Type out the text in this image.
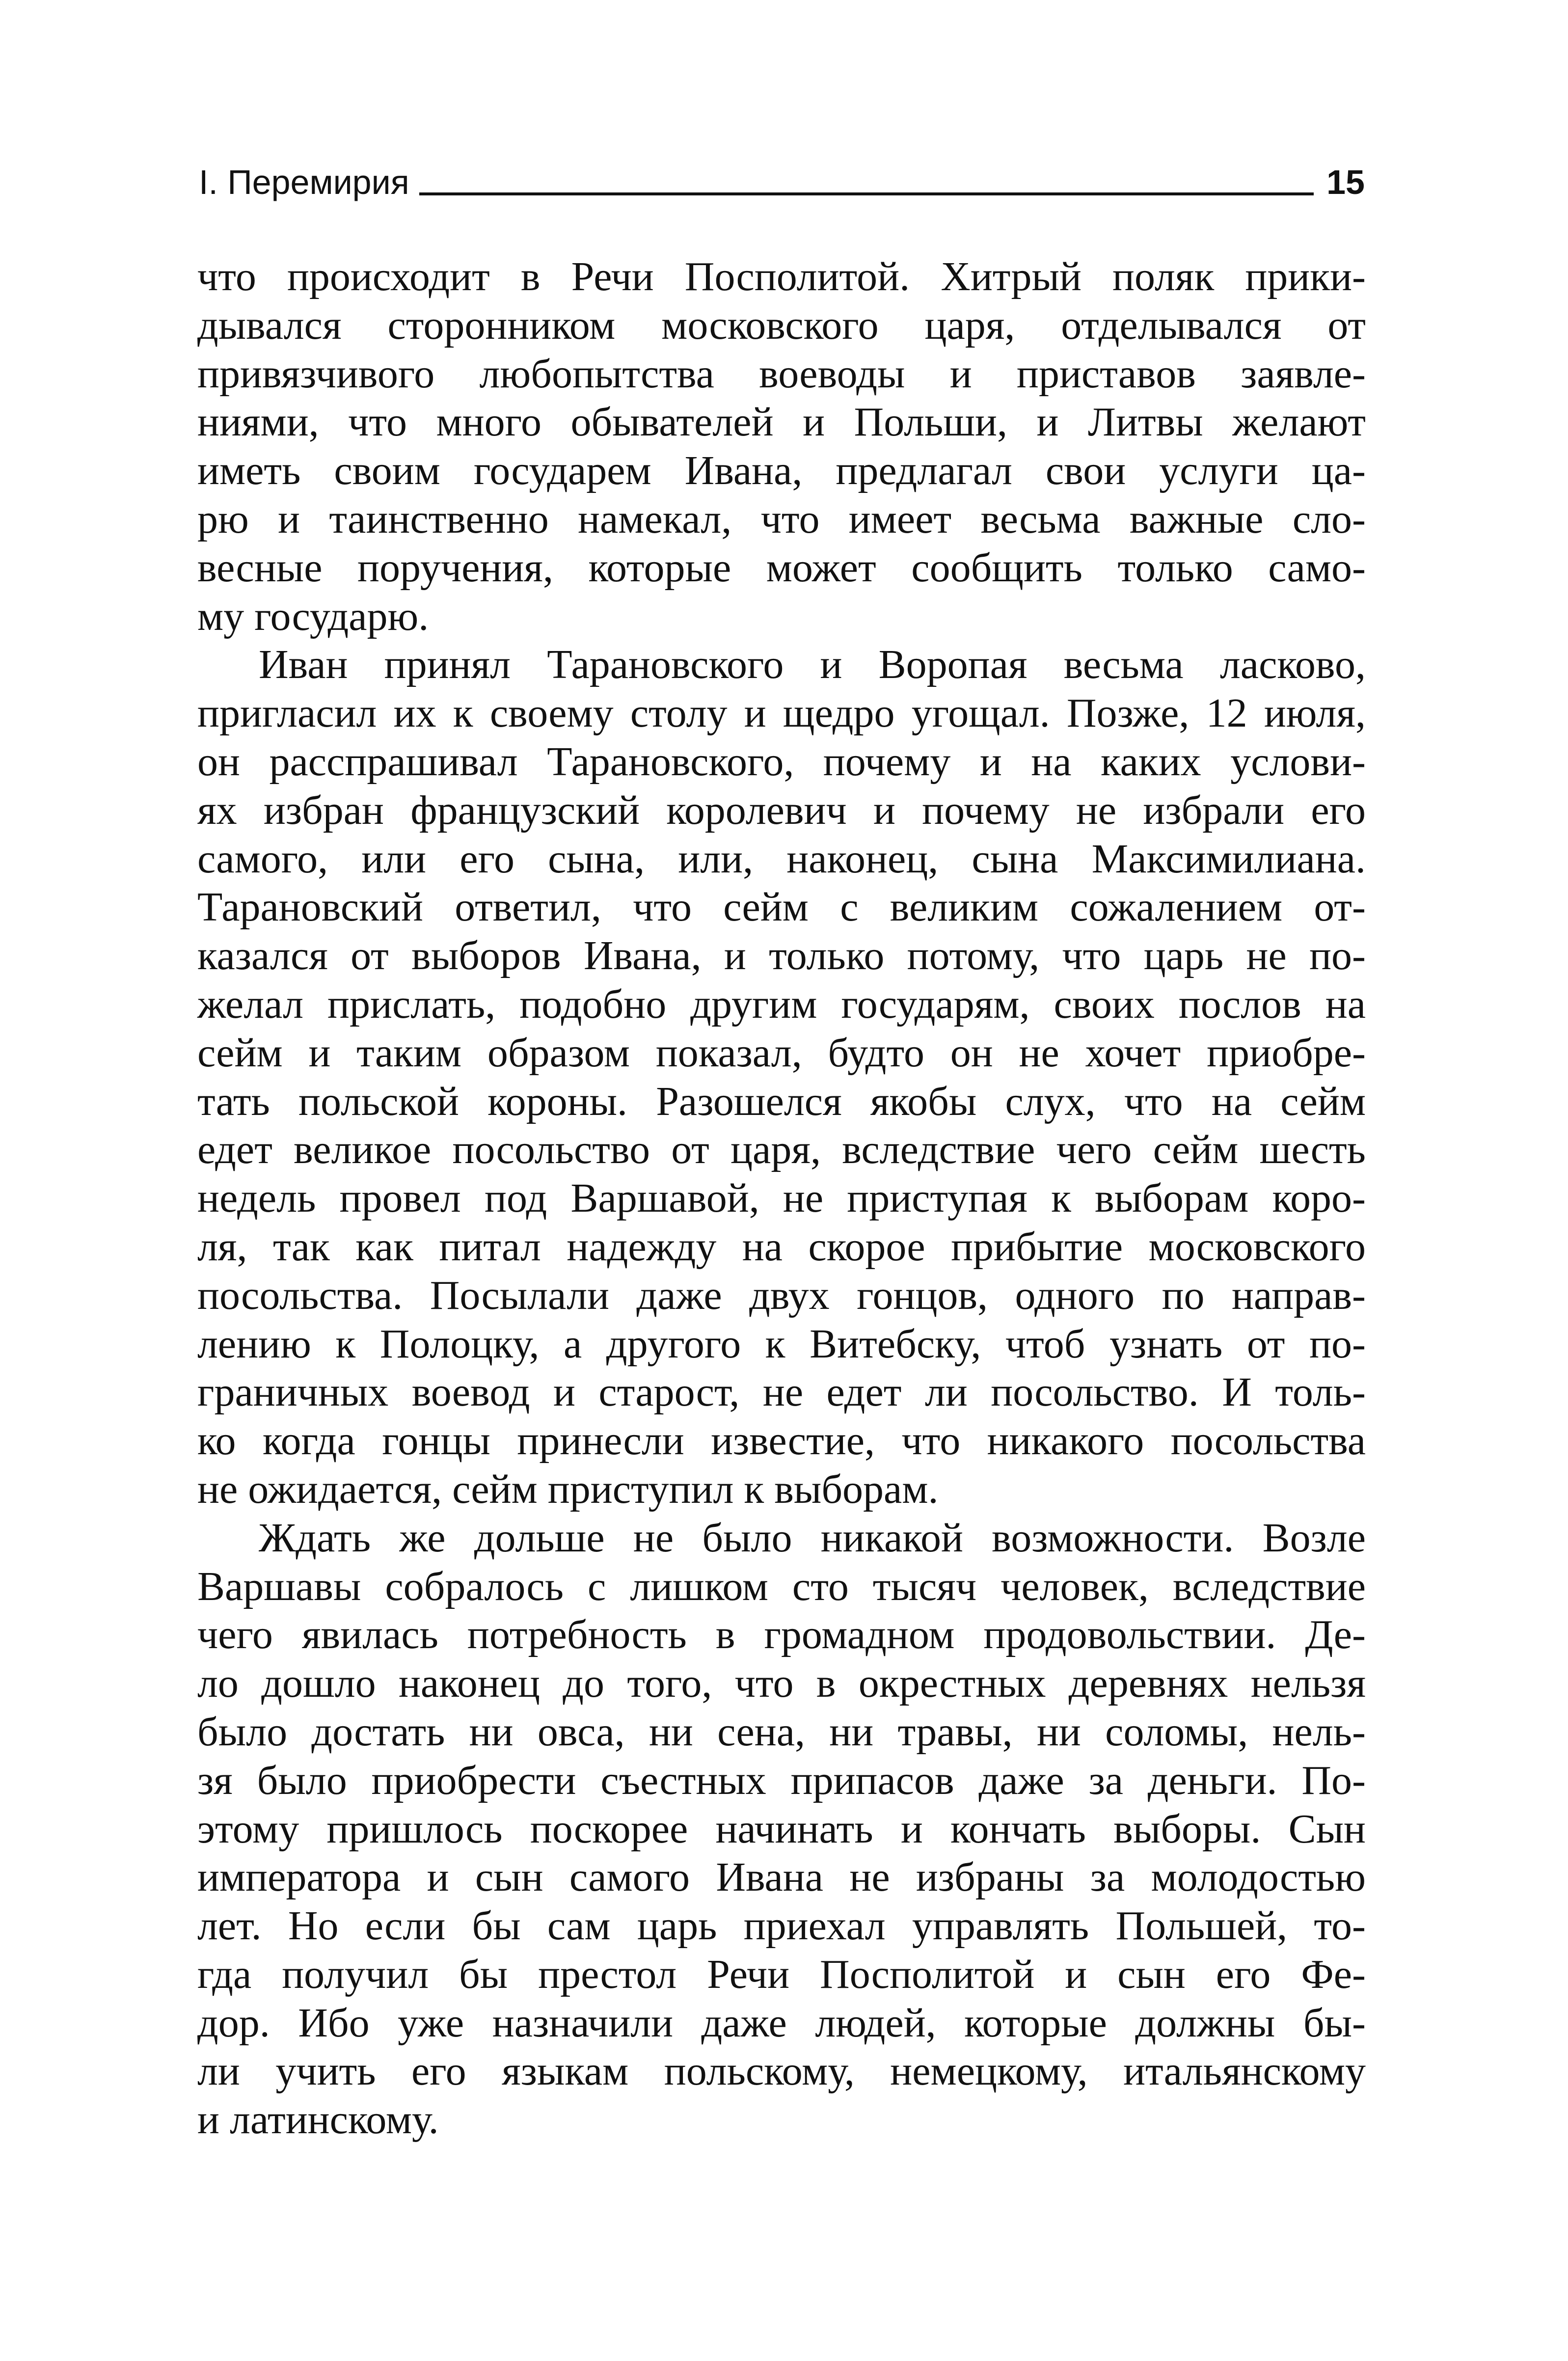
I. Перемирия	15
что происходит в Речи Посполитой. Хитрый поляк прики-
дывался сторонником московского царя, отделывался от
привязчивого любопытства воеводы и приставов заявле-
ниями, что много обывателей и Польши, и Литвы желают
иметь своим государем Ивана, предлагал свои услуги ца-
рю и таинственно намекал, что имеет весьма важные сло-
весные поручения, которые может сообщить только само-
му государю.
Иван принял Тарановского и Воропая весьма ласково,
пригласил их к своему столу и щедро угощал. Позже, 12 июля,
он расспрашивал Тарановского, почему и на каких услови-
ях избран французский королевич и почему не избрали его
самого, или его сына, или, наконец, сына Максимилиана.
Тарановский ответил, что сейм с великим сожалением от-
казался от выборов Ивана, и только потому, что царь не по-
желал прислать, подобно другим государям, своих послов на
сейм и таким образом показал, будто он не хочет приобре-
тать польской короны. Разошелся якобы слух, что на сейм
едет великое посольство от царя, вследствие чего сейм шесть
недель провел под Варшавой, не приступая к выборам коро-
ля, так как питал надежду на скорое прибытие московского
посольства. Посылали даже двух гонцов, одного по направ-
лению к Полоцку, а другого к Витебску, чтоб узнать от по-
граничных воевод и старост, не едет ли посольство. И толь-
ко когда гонцы принесли известие, что никакого посольства
не ожидается, сейм приступил к выборам.
Ждать же дольше не было никакой возможности. Возле
Варшавы собралось с лишком сто тысяч человек, вследствие
чего явилась потребность в громадном продовольствии. Де-
ло дошло наконец до того, что в окрестных деревнях нельзя
было достать ни овса, ни сена, ни травы, ни соломы, нель-
зя было приобрести съестных припасов даже за деньги. По-
этому пришлось поскорее начинать и кончать выборы. Сын
императора и сын самого Ивана не избраны за молодостью
лет. Но если бы сам царь приехал управлять Польшей, то-
гда получил бы престол Речи Посполитой и сын его Фе-
дор. Ибо уже назначили даже людей, которые должны бы-
ли учить его языкам польскому, немецкому, итальянскому
и латинскому.
